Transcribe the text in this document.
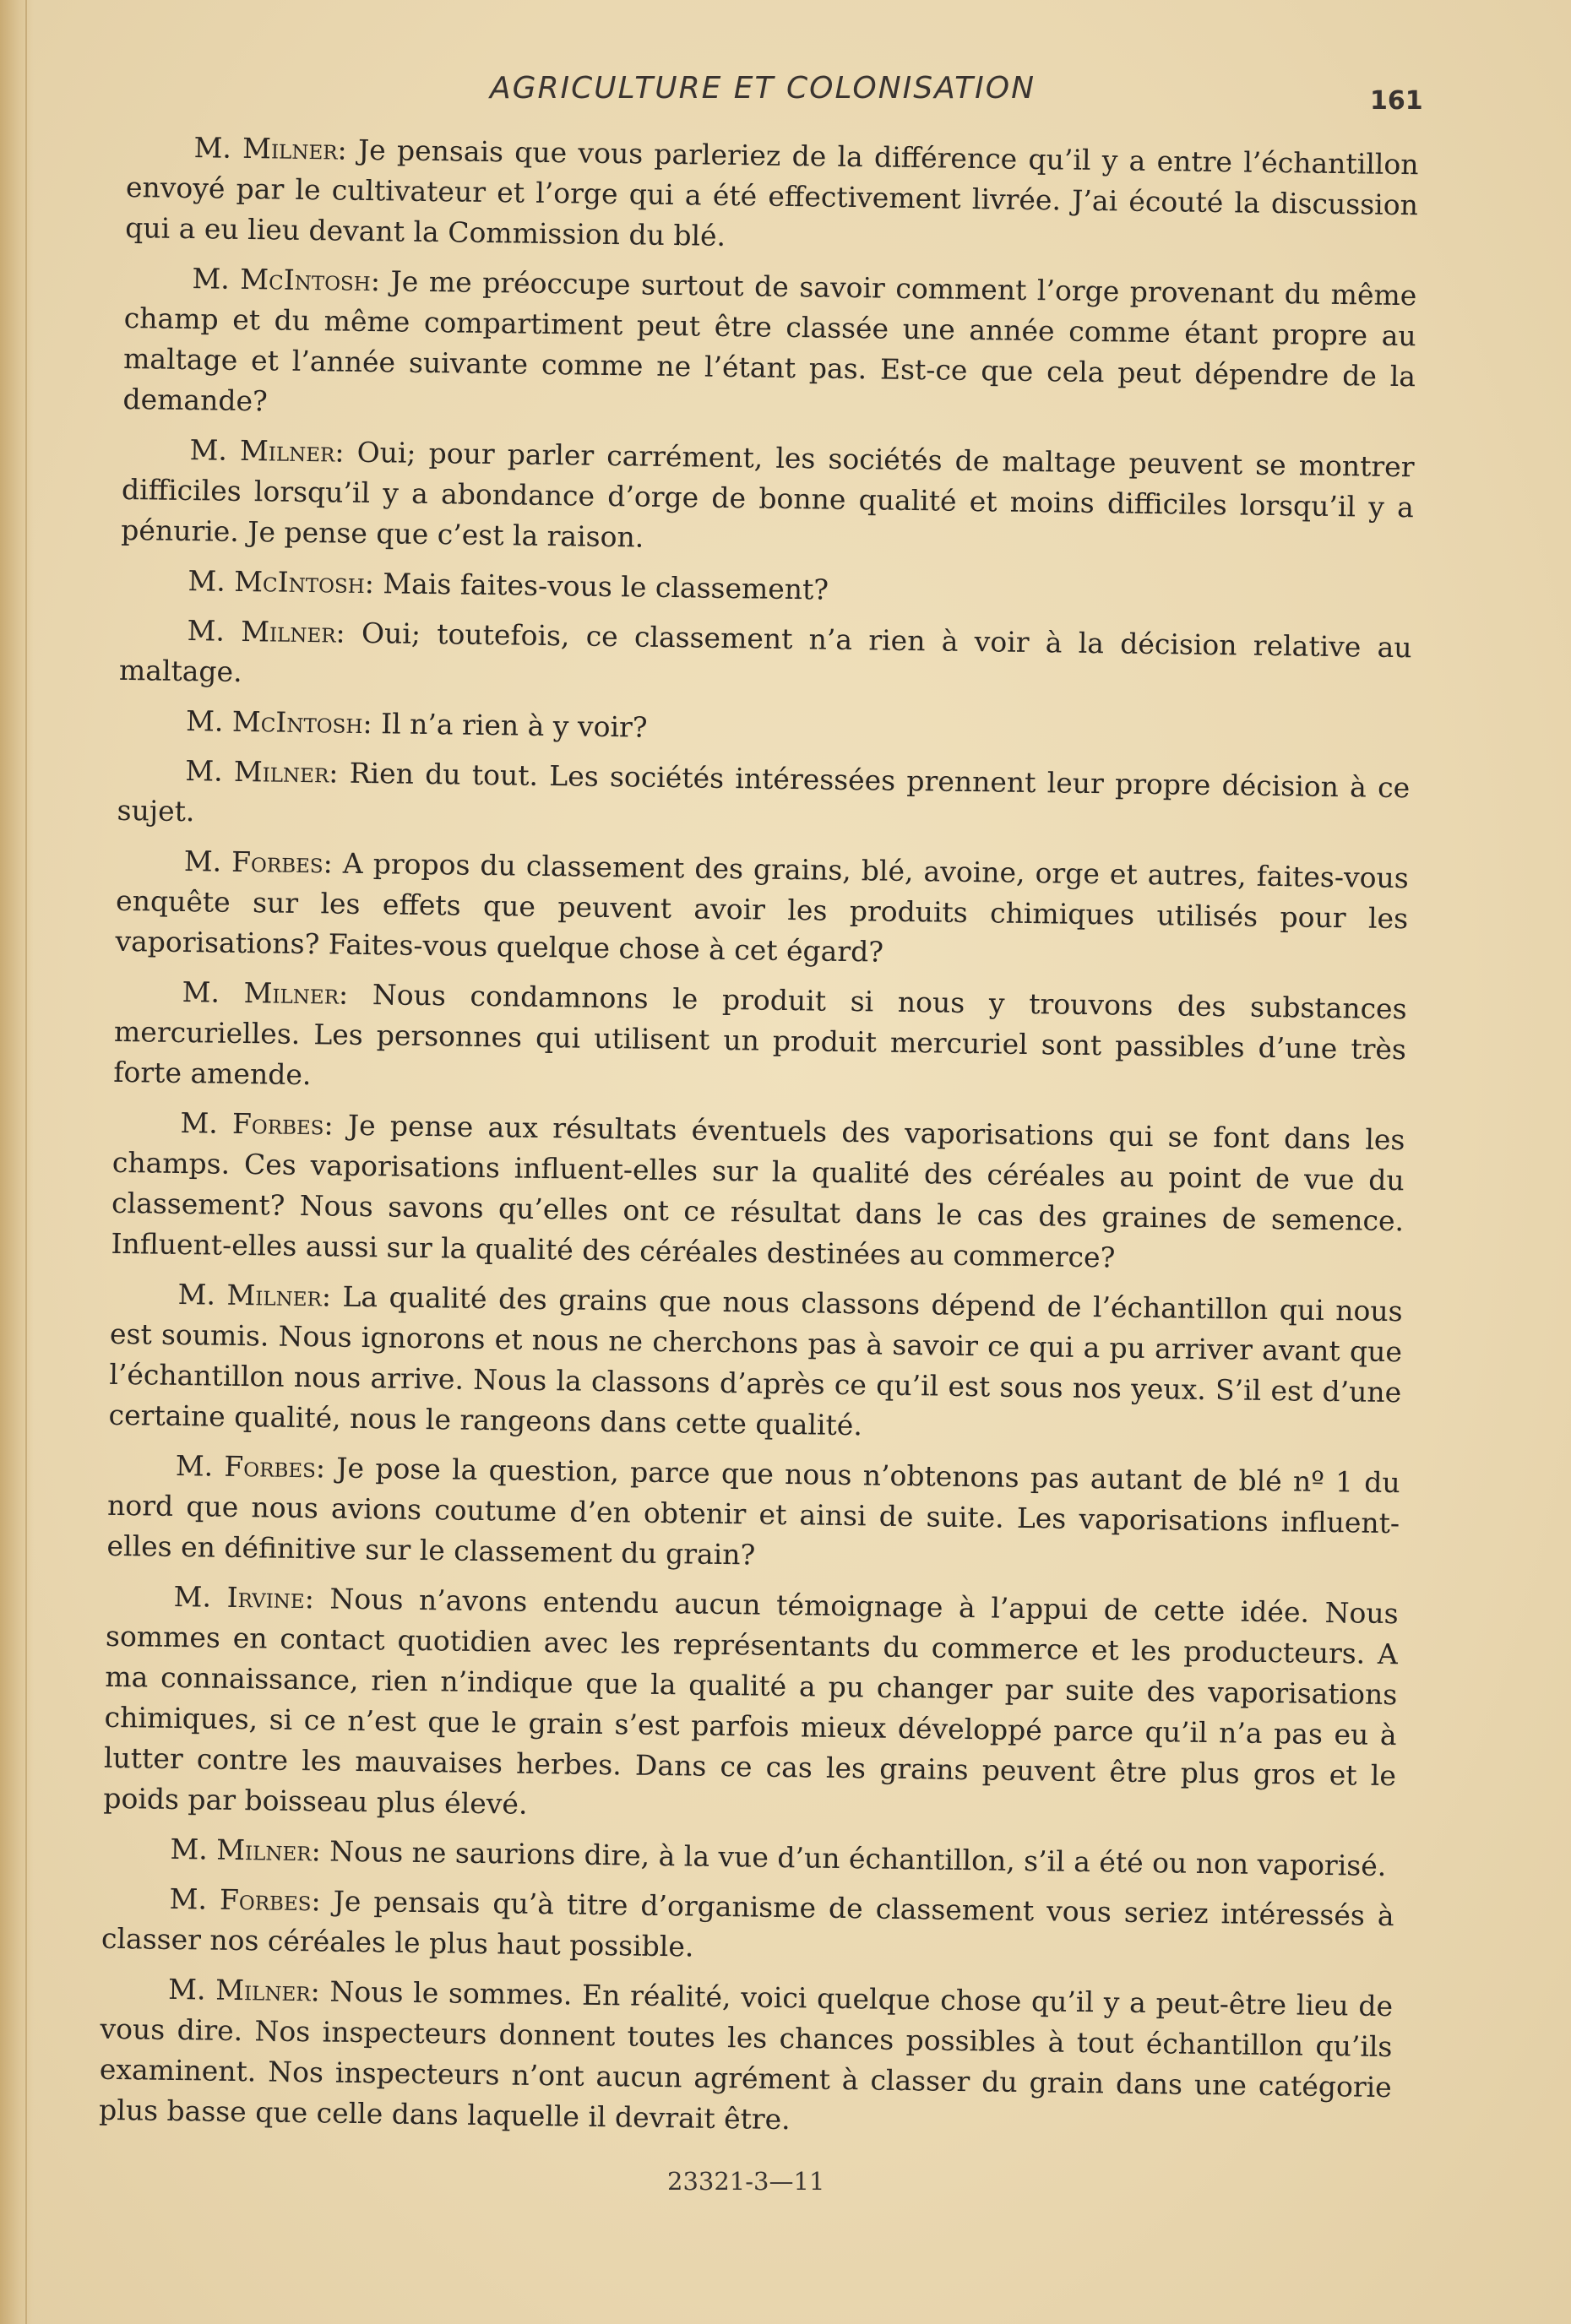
AGRICULTURE ET COLONISATION	161

M. Milner: Je pensais que vous parleriez de la différence qu’il y a entre l’échantillon envoyé par le cultivateur et l’orge qui a été effectivement livrée. J’ai écouté la discussion qui a eu lieu devant la Commission du blé.

M. McIntosh: Je me préoccupe surtout de savoir comment l’orge provenant du même champ et du même compartiment peut être classée une année comme étant propre au maltage et l’année suivante comme ne l’étant pas. Est-ce que cela peut dépendre de la demande?

M. Milner: Oui; pour parler carrément, les sociétés de maltage peuvent se montrer difficiles lorsqu’il y a abondance d’orge de bonne qualité et moins difficiles lorsqu’il y a pénurie. Je pense que c’est la raison.

M. McIntosh: Mais faites-vous le classement?

M. Milner: Oui; toutefois, ce classement n’a rien à voir à la décision relative au maltage.

M. McIntosh: Il n’a rien à y voir?

M. Milner: Rien du tout. Les sociétés intéressées prennent leur propre décision à ce sujet.

M. Forbes: A propos du classement des grains, blé, avoine, orge et autres, faites-vous enquête sur les effets que peuvent avoir les produits chimiques utilisés pour les vaporisations? Faites-vous quelque chose à cet égard?

M. Milner: Nous condamnons le produit si nous y trouvons des substances mercurielles. Les personnes qui utilisent un produit mercuriel sont passibles d’une très forte amende.

M. Forbes: Je pense aux résultats éventuels des vaporisations qui se font dans les champs. Ces vaporisations influent-elles sur la qualité des céréales au point de vue du classement? Nous savons qu’elles ont ce résultat dans le cas des graines de semence. Influent-elles aussi sur la qualité des céréales destinées au commerce?

M. Milner: La qualité des grains que nous classons dépend de l’échantillon qui nous est soumis. Nous ignorons et nous ne cherchons pas à savoir ce qui a pu arriver avant que l’échantillon nous arrive. Nous la classons d’après ce qu’il est sous nos yeux. S’il est d’une certaine qualité, nous le rangeons dans cette qualité.

M. Forbes: Je pose la question, parce que nous n’obtenons pas autant de blé nº 1 du nord que nous avions coutume d’en obtenir et ainsi de suite. Les vaporisations influent-elles en définitive sur le classement du grain?

M. Irvine: Nous n’avons entendu aucun témoignage à l’appui de cette idée. Nous sommes en contact quotidien avec les représentants du commerce et les producteurs. A ma connaissance, rien n’indique que la qualité a pu changer par suite des vaporisations chimiques, si ce n’est que le grain s’est parfois mieux développé parce qu’il n’a pas eu à lutter contre les mauvaises herbes. Dans ce cas les grains peuvent être plus gros et le poids par boisseau plus élevé.

M. Milner: Nous ne saurions dire, à la vue d’un échantillon, s’il a été ou non vaporisé.

M. Forbes: Je pensais qu’à titre d’organisme de classement vous seriez intéressés à classer nos céréales le plus haut possible.

M. Milner: Nous le sommes. En réalité, voici quelque chose qu’il y a peut-être lieu de vous dire. Nos inspecteurs donnent toutes les chances possibles à tout échantillon qu’ils examinent. Nos inspecteurs n’ont aucun agrément à classer du grain dans une catégorie plus basse que celle dans laquelle il devrait être.

23321-3—11
